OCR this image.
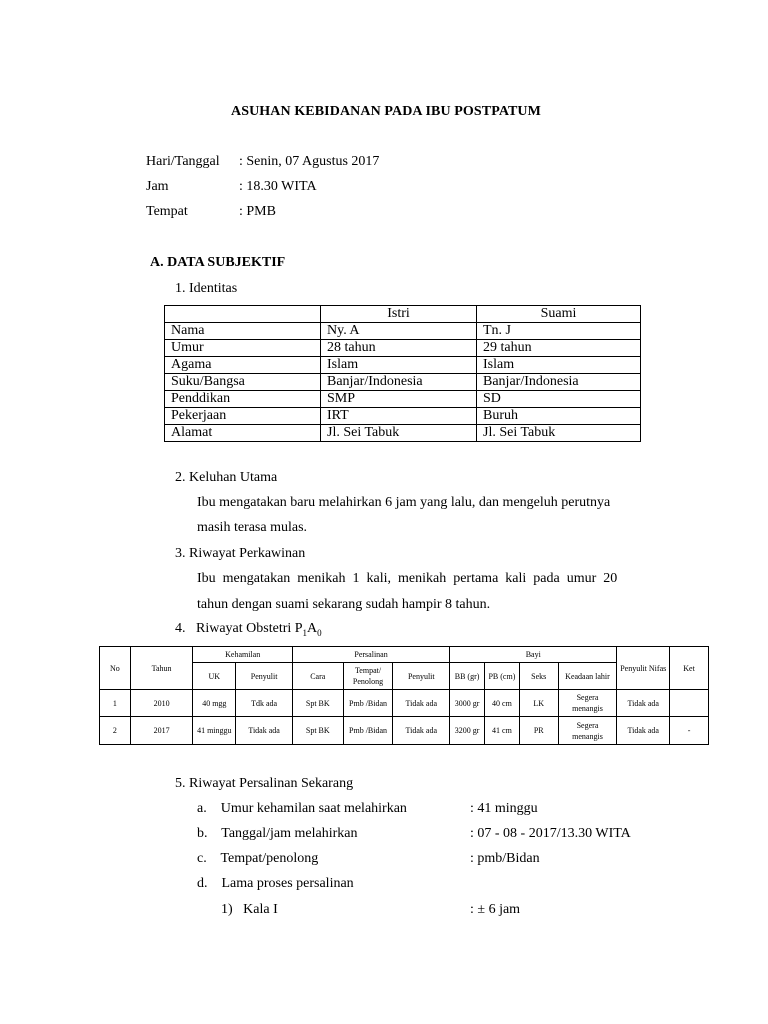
ASUHAN KEBIDANAN PADA IBU POSTPATUM
Hari/Tanggal : Senin, 07 Agustus 2017
Jam	: 18.30 WITA
Tempat	: PMB
A. DATA SUBJEKTIF
1. Identitas
	Istri	Suami
Nama	Ny. A	Tn. J
Umur	28 tahun	29 tahun
Agama	Islam	Islam
Suku/Bangsa	Banjar/Indonesia	Banjar/Indonesia
Penddikan	SMP	SD
Pekerjaan	IRT	Buruh
Alamat	Jl. Sei Tabuk	Jl. Sei Tabuk
2. Keluhan Utama
Ibu mengatakan baru melahirkan 6 jam yang lalu, dan mengeluh perutnya
masih terasa mulas.
3. Riwayat Perkawinan
Ibu  mengatakan  menikah  1  kali,  menikah  pertama  kali  pada  umur  20
tahun dengan suami sekarang sudah hampir 8 tahun.
4.   Riwayat Obstetri $P_1A_0$
No	Tahun	Kehamilan		Persalinan			Bayi				Penyulit Nifas	Ket
		UK	Penyulit	Cara	Tempat/ Penolong	Penyulit	BB (gr)	PB (cm)	Seks	Keadaan lahir		
1	2010	40 mgg	Tdk ada	Spt BK	Pmb /Bidan	Tidak ada	3000 gr	40 cm	LK	Segera menangis	Tidak ada	
2	2017	41 minggu	Tidak ada	Spt BK	Pmb /Bidan	Tidak ada	3200 gr	41 cm	PR	Segera menangis	Tidak ada	-
5. Riwayat Persalinan Sekarang
a.    Umur kehamilan saat melahirkan	: 41 minggu
b.    Tanggal/jam melahirkan	: 07 - 08 - 2017/13.30 WITA
c.    Tempat/penolong	: pmb/Bidan
d.    Lama proses persalinan
1)   Kala I	: ± 6 jam
